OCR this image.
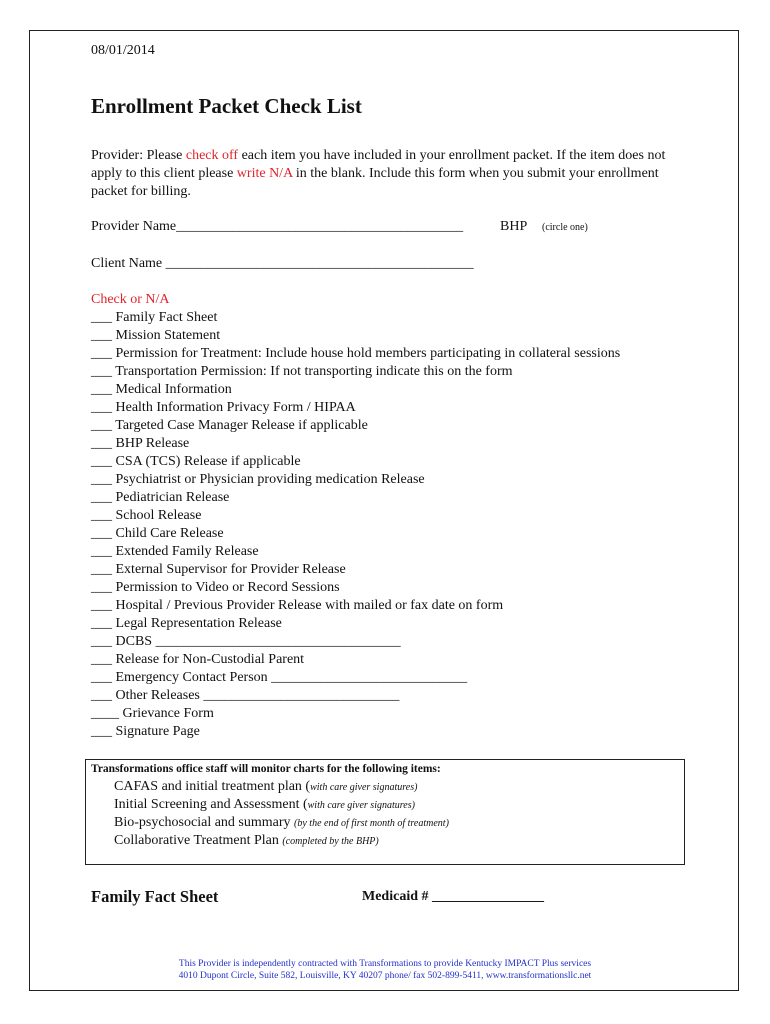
08/01/2014
Enrollment Packet Check List
Provider: Please check off each item you have included in your enrollment packet. If the item does not apply to this client please write N/A in the blank. Include this form when you submit your enrollment packet for billing.
Provider Name_________________________________________	BHP (circle one)
Client Name ____________________________________________
Check or N/A
___ Family Fact Sheet
___ Mission Statement
___ Permission for Treatment: Include house hold members participating in collateral sessions
___ Transportation Permission: If not transporting indicate this on the form
___ Medical Information
___ Health Information Privacy Form / HIPAA
___ Targeted Case Manager Release if applicable
___ BHP Release
___ CSA (TCS) Release if applicable
___ Psychiatrist or Physician providing medication Release
___ Pediatrician Release
___ School Release
___ Child Care Release
___ Extended Family Release
___ External Supervisor for Provider Release
___ Permission to Video or Record Sessions
___ Hospital / Previous Provider Release with mailed or fax date on form
___ Legal Representation Release
___ DCBS ___________________________________
___ Release for Non-Custodial Parent
___ Emergency Contact Person ____________________________
___ Other Releases ____________________________
____ Grievance Form
___ Signature Page
Transformations office staff will monitor charts for the following items:
CAFAS and initial treatment plan (with care giver signatures)
Initial Screening and Assessment (with care giver signatures)
Bio-psychosocial and summary (by the end of first month of treatment)
Collaborative Treatment Plan (completed by the BHP)
Family Fact Sheet	Medicaid # ________________
This Provider is independently contracted with Transformations to provide Kentucky IMPACT Plus services
4010 Dupont Circle, Suite 582, Louisville, KY 40207 phone/ fax 502-899-5411, www.transformationsllc.net
